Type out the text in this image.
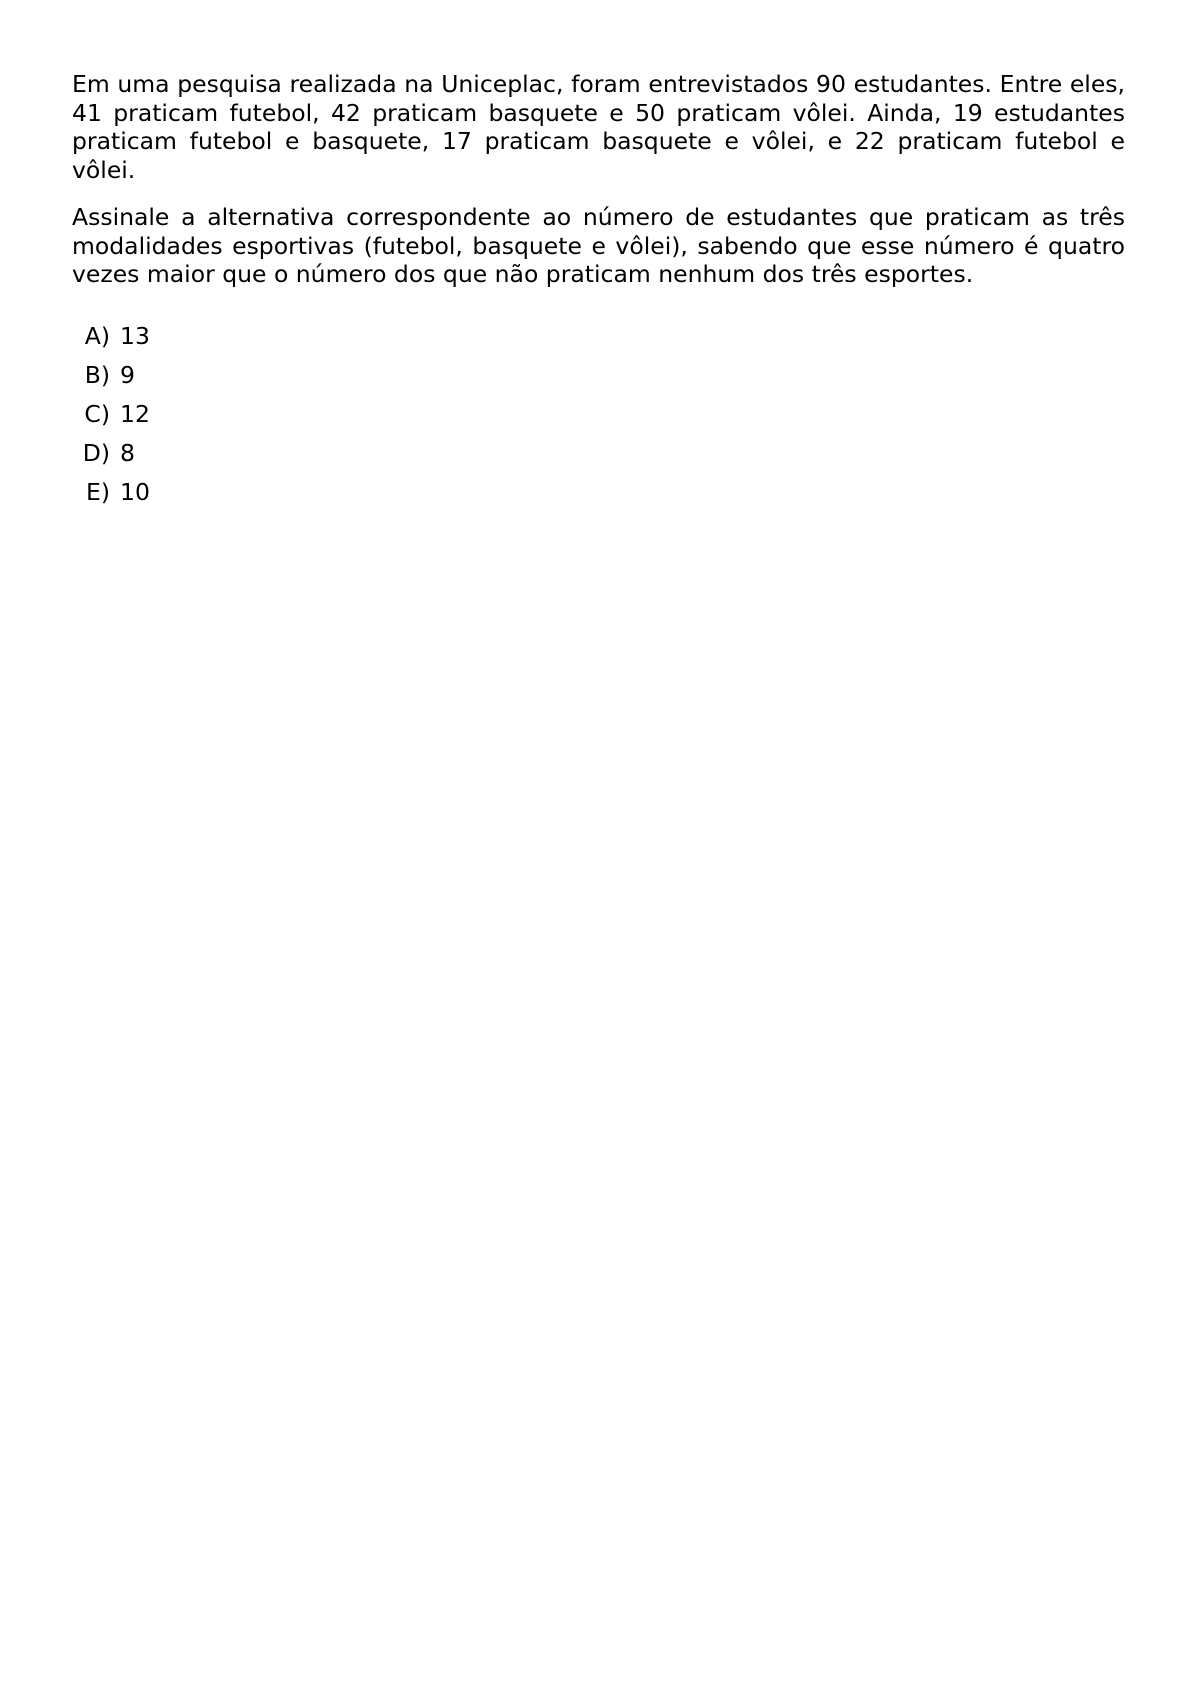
Em uma pesquisa realizada na Uniceplac, foram entrevistados 90 estudantes. Entre eles, 41 praticam futebol, 42 praticam basquete e 50 praticam vôlei. Ainda, 19 estudantes praticam futebol e basquete, 17 praticam basquete e vôlei, e 22 praticam futebol e vôlei.

Assinale a alternativa correspondente ao número de estudantes que praticam as três modalidades esportivas (futebol, basquete e vôlei), sabendo que esse número é quatro vezes maior que o número dos que não praticam nenhum dos três esportes.

A) 13
B) 9
C) 12
D) 8
E) 10
